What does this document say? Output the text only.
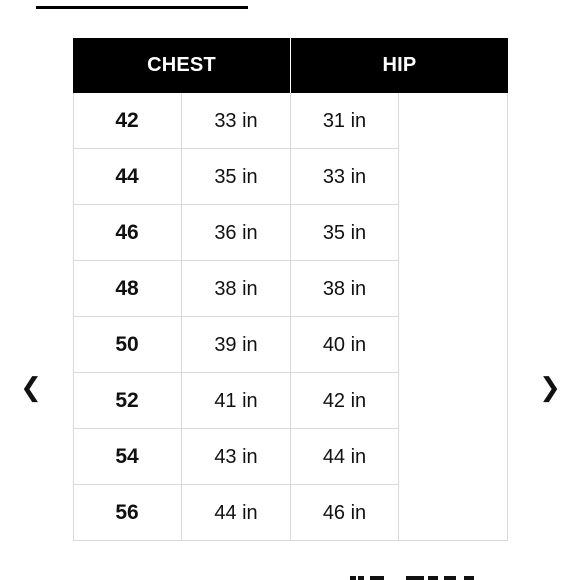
CHEST	HIP
42	33 in	31 in
44	35 in	33 in
46	36 in	35 in
48	38 in	38 in
50	39 in	40 in
52	41 in	42 in
54	43 in	44 in
56	44 in	46 in
❮	❯
